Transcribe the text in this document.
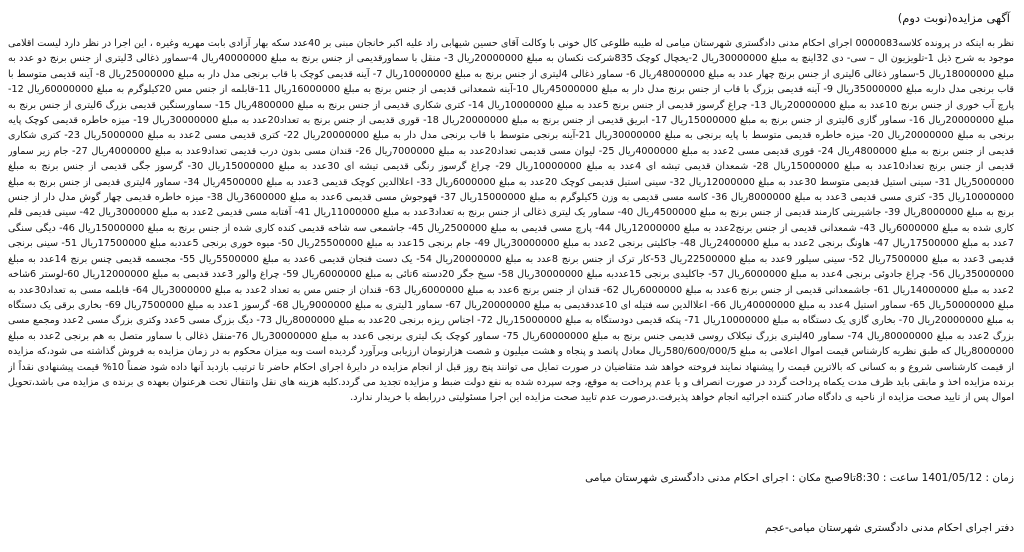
آگهی مزایده(نوبت دوم)
نظر به اینکه در پرونده کلاسه0000083 اجرای احکام مدنی دادگستری شهرستان میامی له طیبه طلوعی کال خونی با وکالت آقای حسین شیهابی راد علیه اکبر خانجان مبنی بر 40عدد سکه بهار آزادی بابت مهریه وغیره ، این اجرا در نظر دارد لیست اقلامی موجود به شرح ذیل 1-تلویزیون ال – سی- دی 32اینچ به مبلغ 30000000ریال 2-یخچال کوچک 835شرکت نکسان به مبلغ 20000000ریال 3- منقل با سماورقدیمی از جنس برنج به مبلغ 40000000ریال 4-سماور ذغالی 3لیتری از جنس برنج دو عدد به مبلغ 18000000ریال 5-سماور ذغالی 6لیتری از جنس برنج چهار عدد به مبلغ 48000000ریال 6- سماور ذغالی 4لیتری از جنس برنج به مبلغ 10000000ریال 7- آینه قدیمی کوچک با قاب برنجی مدل دار به مبلغ 25000000ریال 8- آینه قدیمی متوسط با قاب برنجی مدل داربه مبلغ 35000000ریال 9- آینه قدیمی بزرگ با قاب از جنس برنج مدل دار به مبلغ 45000000ریال 10-آینه شمعدانی قدیمی از جنس برنج به مبلغ 16000000ریال 11-قابلمه از جنس مس 20کیلوگرم به مبلغ 60000000ریال 12- پارچ آب خوری از جنس برنج 10عدد به مبلغ 20000000ریال 13- چراغ گرسوز قدیمی از جنس برنج 5عدد به مبلغ 10000000ریال 14- کتری شکاری قدیمی از جنس برنج به مبلغ 4800000ریال 15- سماورسنگین قدیمی بزرگ 6لیتری از جنس برنج به مبلغ 20000000ریال 16- سماور گازی 6لیتری از جنس برنج به مبلغ 15000000ریال 17- ابریق قدیمی از جنس برنج به مبلغ 20000000ریال 18- قوری قدیمی از جنس برنج به تعداد20عدد به مبلغ 30000000ریال 19- میزه خاطره قدیمی کوچک پایه برنجی به مبلغ 20000000ریال 20- میزه خاطره قدیمی متوسط با پایه برنجی به مبلغ 30000000ریال 21-آینه برنجی متوسط با قاب برنجی مدل دار به مبلغ 20000000ریال 22- کتری قدیمی مسی 2عدد به مبلغ 5000000ریال 23- کتری شکاری قدیمی از جنس برنج به مبلغ 4800000ریال 24- قوری قدیمی مسی 2عدد به مبلغ 4000000ریال 25- لیوان مسی قدیمی تعداد20عدد به مبلغ 7000000ریال 26- قندان مسی بدون درب قدیمی تعداد9عدد به مبلغ 4000000ریال 27- جام زیر سماور قدیمی از جنس برنج تعداد10عدد به مبلغ 15000000ریال 28- شمعدان قدیمی تیشه ای 4عدد به مبلغ 10000000ریال 29- چراغ گرسوز رنگی قدیمی تیشه ای 30عدد به مبلغ 15000000ریال 30- گرسوز جگی قدیمی از جنس برنج به مبلغ 5000000ریال 31- سینی استیل قدیمی متوسط 30عدد به مبلغ 12000000ریال 32- سینی استیل قدیمی کوچک 20عدد به مبلغ 6000000ریال 33- اعلاالدین کوچک قدیمی 3عدد به مبلغ 4500000ریال 34- سماور 4لیتری قدیمی از جنس برنج به مبلغ 10000000ریال 35- کتری مسی قدیمی 3عدد به مبلغ 8000000ریال 36- کاسه مسی قدیمی به وزن 5کیلوگرم به مبلغ 15000000ریال 37- قهوجوش مسی قدیمی 6عدد به مبلغ 3600000ریال 38- میزه خاطره قدیمی چهار گوش مدل دار از جنس برنج به مبلغ 8000000ریال 39- جاشیرینی کارمند قدیمی از جنس برنج به مبلغ 4500000ریال 40- سماور یک لیتری ذغالی از جنس برنج به تعداد3عدد به مبلغ 11000000ریال 41- آفتابه مسی قدیمی 2عدد به مبلغ 3000000ریال 42- سینی قدیمی قلم کاری شده به مبلغ 6000000ریال 43- شمعدانی قدیمی از جنس برنج2عدد به مبلغ 12000000ریال 44- پارچ مسی قدیمی به مبلغ 2500000ریال 45- جاشمعی سه شاخه قدیمی کنده کاری شده از جنس برنج به مبلغ 15000000ریال 46- دیگی سنگی 7عدد به مبلغ 17500000ریال 47- هاونگ برنجی 2عدد به مبلغ 2400000ریال 48- جاکلیتی برنجی 2عدد به مبلغ 30000000ریال 49- جام برنجی 15عدد به مبلغ 25500000ریال 50- میوه خوری برنجی 5عددبه مبلغ 17500000ریال 51- سینی برنجی قدیمی 3عدد به مبلغ 7500000ریال 52- سینی سیلور 9عدد به مبلغ 22500000ریال 53-کار ترک از جنس برنج 8عدد به مبلغ 20000000ریال 54- یک دست فنجان قدیمی 6عدد به مبلغ 5500000ریال 55- مجسمه قدیمی چنس برنج 14عدد به مبلغ 35000000ریال 56- چراغ جادوئی برنجی 4عدد به مبلغ 6000000ریال 57- جاکلیدی برنجی 15عددبه مبلغ 30000000ریال 58- سیخ جگر 20دسته 6تائی به مبلغ 6000000ریال 59- چراغ والور 3عدد قدیمی به مبلغ 12000000ریال 60-لوستر 6شاخه 2عدد به مبلغ 14000000ریال 61- جاشمعدانی قدیمی از جنس برنج 6عدد به مبلغ 6000000ریال 62- قندان از جنس برنج 6عدد به مبلغ 6000000ریال 63- قندان از جنس مس به تعداد 2عدد به مبلغ 3000000ریال 64- قابلمه مسی به تعداد30عدد به مبلغ 50000000ریال 65- سماور استیل 4عدد به مبلغ 40000000ریال 66- اعلاالدین سه فتیله ای 10عددقدیمی به مبلغ 20000000ریال 67- سماور 1لیتری به مبلغ 9000000ریال 68- گرسوز 1عدد به مبلغ 7500000ریال 69- بخاری برقی یک دستگاه به مبلغ 20000000ریال 70- بخاری گازی یک دستگاه به مبلغ 10000000ریال 71- پنکه قدیمی دودستگاه به مبلغ 15000000ریال 72- اجناس ریزه برنجی 20عدد به مبلغ 8000000ریال 73- دیگ بزرگ مسی 5عدد وکتری بزرگ مسی 2عدد ومجمع مسی بزرگ 2عدد به مبلغ 80000000ریال 74- سماور 40لیتری بزرگ نیکلاک روسی قدیمی جنس برنج به مبلغ 60000000ریال 75- سماور کوچک یک لیتری برنجی 6عدد به مبلغ 30000000ریال 76-منقل ذغالی با سماور متصل به هم برنجی 2عدد به مبلغ 8000000ریال که طبق نظریه کارشناس قیمت اموال اعلامی به مبلغ 580/600/000/5ریال معادل پانصد و پنجاه و هشت میلیون و شصت هزارتومان ارزیابی وبرآورد گردیده است وبه میزان محکوم به در زمان مزایده به فروش گذاشته می شود،که مزایده از قیمت کارشناسی شروع و به کسانی که بالاترین قیمت را پیشنهاد نمایند فروخته خواهد شد متقاضیان در صورت تمایل می توانند پنج روز قبل از انجام مزایده در دایرۀ اجرای احکام حاضر تا ترتیب بازدید آنها داده شود ضمناً 10% قیمت پیشنهادی نقداً از برنده مزایده اخذ و مابقی باید ظرف مدت یکماه پرداخت گردد در صورت انصراف و یا عدم پرداخت به موقع، وجه سپرده شده به نفع دولت ضبط و مزایده تجدید می گردد.کلیه هزینه های نقل وانتقال تحت هرعنوان بعهده ی برنده ی مزایده می باشد،تحویل اموال پس از تایید صحت مزایده از ناحیه ی دادگاه صادر کننده اجرائیه انجام خواهد پذیرفت.درصورت عدم تایید صحت مزایده این اجرا مسئولیتی دررابطه با خریدار ندارد.
زمان : 1401/05/12 ساعت : 8:30تا9صبح مکان : اجرای احکام مدنی دادگستری شهرستان میامی
دفتر اجرای احکام مدنی دادگستری شهرستان میامی-عجم
